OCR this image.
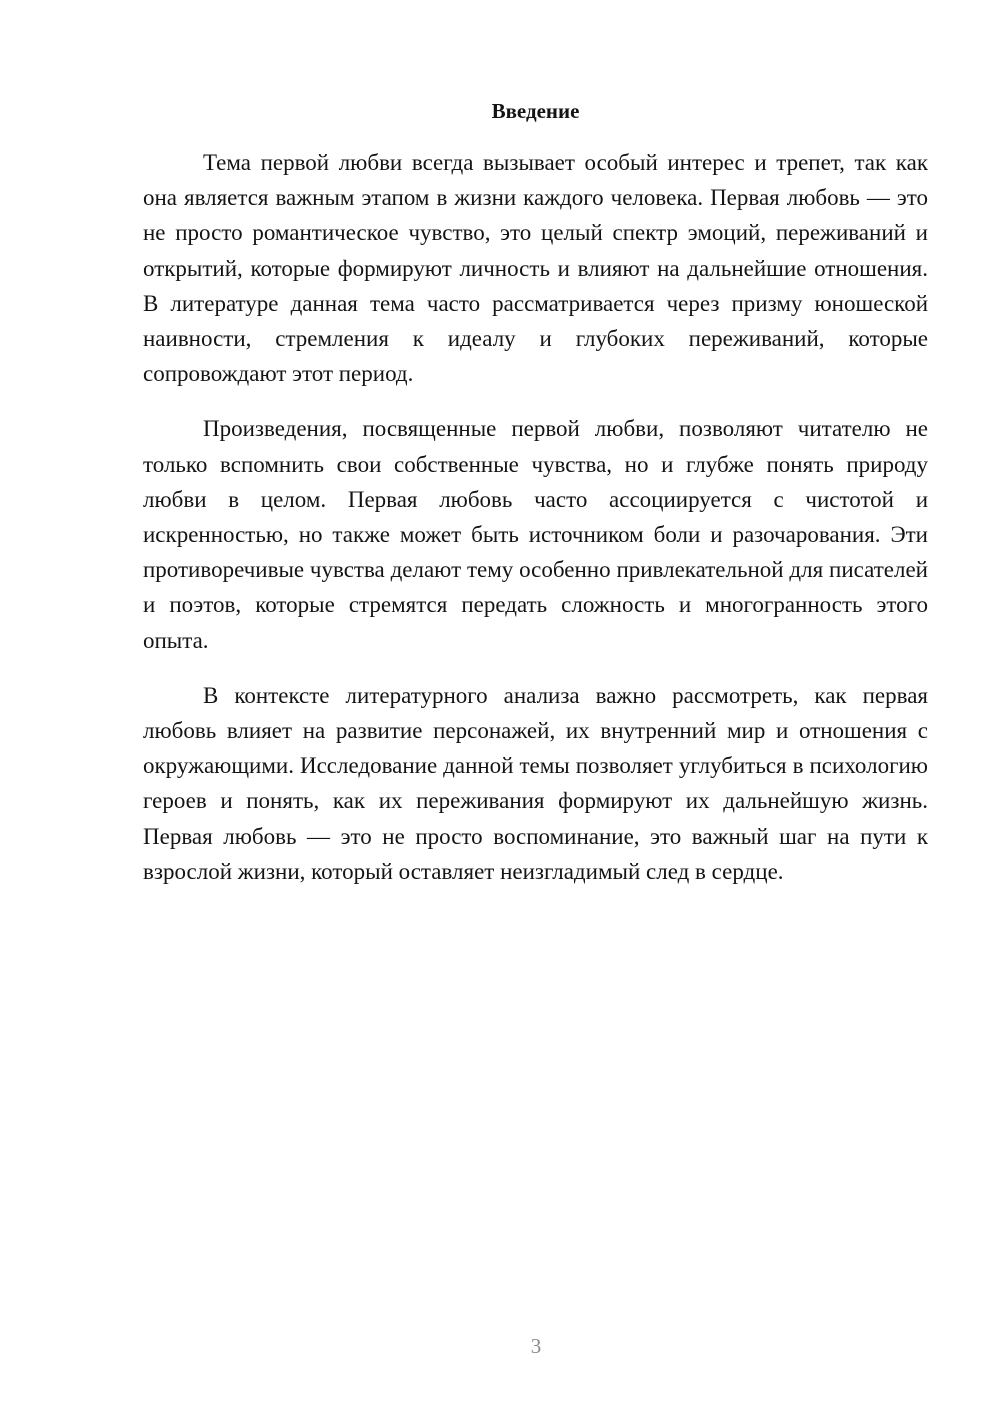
Введение

Тема первой любви всегда вызывает особый интерес и трепет, так как она является важным этапом в жизни каждого человека. Первая любовь — это не просто романтическое чувство, это целый спектр эмоций, переживаний и открытий, которые формируют личность и влияют на дальнейшие отношения. В литературе данная тема часто рассматривается через призму юношеской наивности, стремления к идеалу и глубоких переживаний, которые сопровождают этот период.

Произведения, посвященные первой любви, позволяют читателю не только вспомнить свои собственные чувства, но и глубже понять природу любви в целом. Первая любовь часто ассоциируется с чистотой и искренностью, но также может быть источником боли и разочарования. Эти противоречивые чувства делают тему особенно привлекательной для писателей и поэтов, которые стремятся передать сложность и многогранность этого опыта.

В контексте литературного анализа важно рассмотреть, как первая любовь влияет на развитие персонажей, их внутренний мир и отношения с окружающими. Исследование данной темы позволяет углубиться в психологию героев и понять, как их переживания формируют их дальнейшую жизнь. Первая любовь — это не просто воспоминание, это важный шаг на пути к взрослой жизни, который оставляет неизгладимый след в сердце.

3
